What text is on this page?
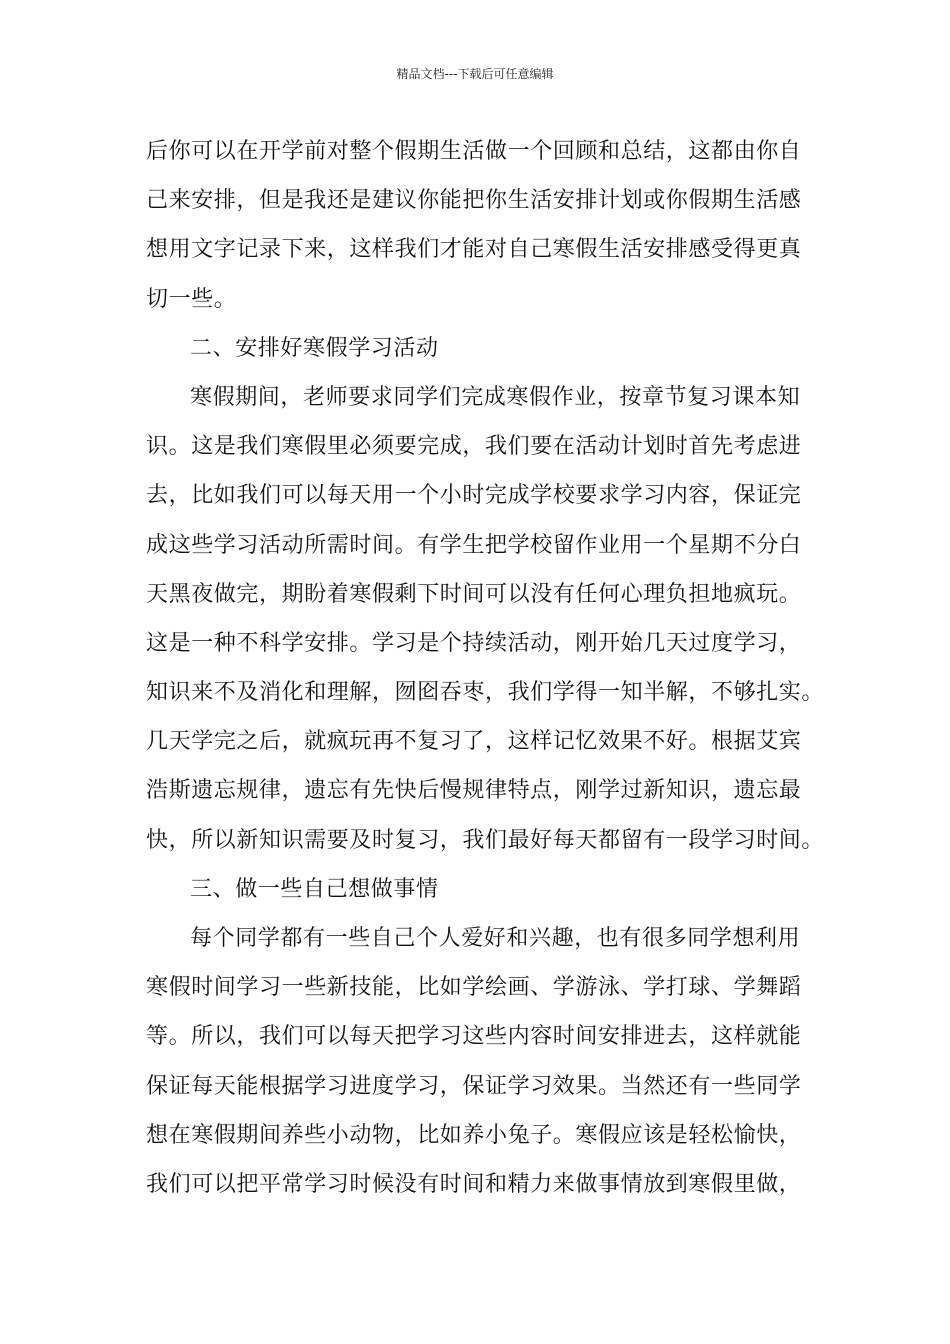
精品文档---下载后可任意编辑
后你可以在开学前对整个假期生活做一个回顾和总结，这都由你自
己来安排，但是我还是建议你能把你生活安排计划或你假期生活感
想用文字记录下来，这样我们才能对自己寒假生活安排感受得更真
切一些。
二、安排好寒假学习活动
寒假期间，老师要求同学们完成寒假作业，按章节复习课本知
识。这是我们寒假里必须要完成，我们要在活动计划时首先考虑进
去，比如我们可以每天用一个小时完成学校要求学习内容，保证完
成这些学习活动所需时间。有学生把学校留作业用一个星期不分白
天黑夜做完，期盼着寒假剩下时间可以没有任何心理负担地疯玩。
这是一种不科学安排。学习是个持续活动，刚开始几天过度学习，
知识来不及消化和理解，囫囵吞枣，我们学得一知半解，不够扎实。
几天学完之后，就疯玩再不复习了，这样记忆效果不好。根据艾宾
浩斯遗忘规律，遗忘有先快后慢规律特点，刚学过新知识，遗忘最
快，所以新知识需要及时复习，我们最好每天都留有一段学习时间。
三、做一些自己想做事情
每个同学都有一些自己个人爱好和兴趣，也有很多同学想利用
寒假时间学习一些新技能，比如学绘画、学游泳、学打球、学舞蹈
等。所以，我们可以每天把学习这些内容时间安排进去，这样就能
保证每天能根据学习进度学习，保证学习效果。当然还有一些同学
想在寒假期间养些小动物，比如养小兔子。寒假应该是轻松愉快，
我们可以把平常学习时候没有时间和精力来做事情放到寒假里做，
